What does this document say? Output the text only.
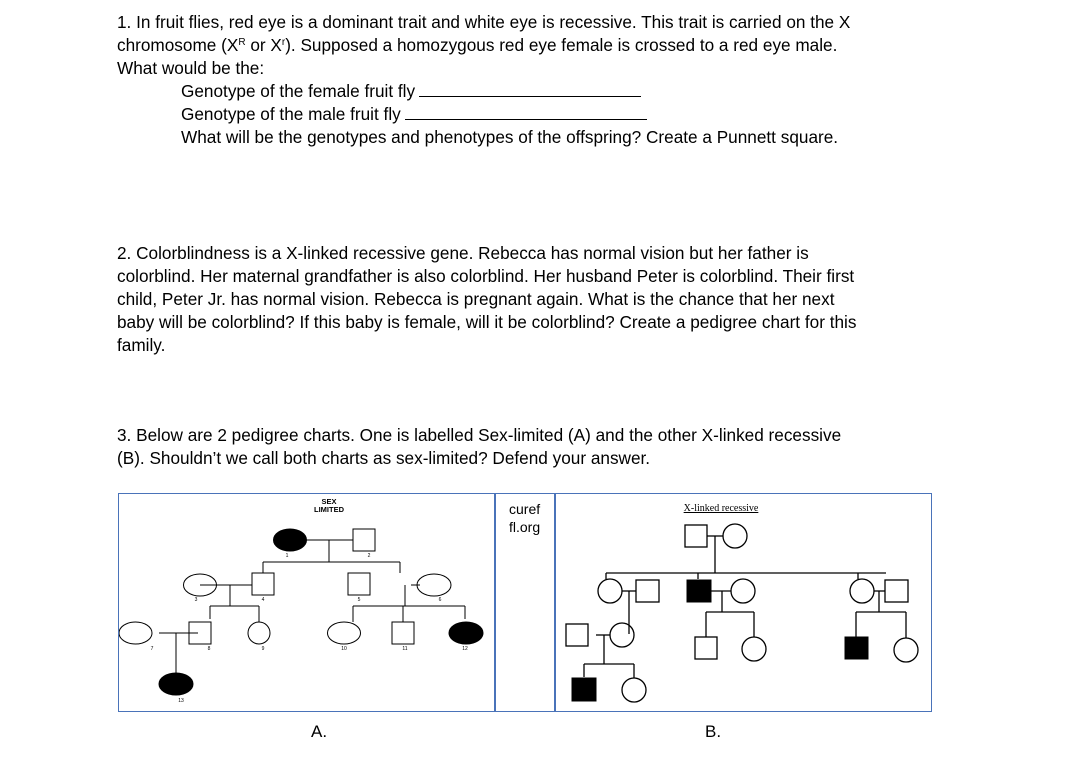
1. In fruit flies, red eye is a dominant trait and white eye is recessive. This trait is carried on the X
chromosome ($X^R$ or $X^r$). Supposed a homozygous red eye female is crossed to a red eye male.
What would be the:
Genotype of the female fruit fly
Genotype of the male fruit fly
What will be the genotypes and phenotypes of the offspring? Create a Punnett square.
2. Colorblindness is a X-linked recessive gene. Rebecca has normal vision but her father is
colorblind. Her maternal grandfather is also colorblind. Her husband Peter is colorblind. Their first
child, Peter Jr. has normal vision. Rebecca is pregnant again. What is the chance that her next
baby will be colorblind? If this baby is female, will it be colorblind? Create a pedigree chart for this
family.
3. Below are 2 pedigree charts. One is labelled Sex-limited (A) and the other X-linked recessive
(B). Shouldn’t we call both charts as sex-limited? Defend your answer.
SEX
LIMITED
1	2
3	4	5	6
7	8	9	10	11	12
13
curef
fl.org
X-linked recessive
A.	B.
